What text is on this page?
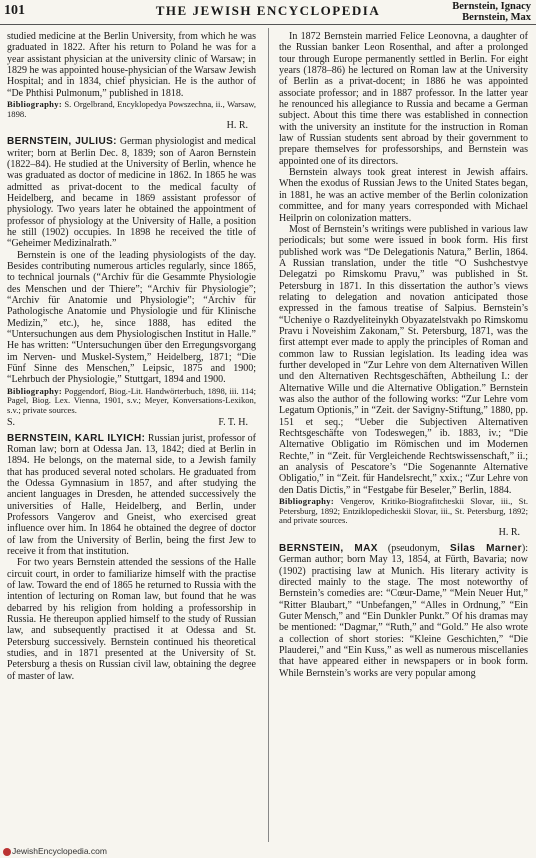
101	THE JEWISH ENCYCLOPEDIA	Bernstein, Ignacy
Bernstein, Max

studied medicine at the Berlin University, from which he was graduated in 1822. After his return to Poland he was for a year assistant physician at the university clinic of Warsaw; in 1829 he was appointed house-physician of the Warsaw Jewish Hospital; and in 1834, chief physician. He is the author of “De Phthisi Pulmonum,” published in 1818.

Bibliography: S. Orgelbrand, Encyklopedya Powszechna, ii., Warsaw, 1898.

H. R.

BERNSTEIN, JULIUS: German physiologist and medical writer; born at Berlin Dec. 8, 1839; son of Aaron Bernstein (1822–84). He studied at the University of Berlin, whence he was graduated as doctor of medicine in 1862. In 1865 he was admitted as privat-docent to the medical faculty of Heidelberg, and became in 1869 assistant professor of physiology. Two years later he obtained the appointment of professor of physiology at the University of Halle, a position he still (1902) occupies. In 1898 he received the title of “Geheimer Medizinalrath.”

Bernstein is one of the leading physiologists of the day. Besides contributing numerous articles regularly, since 1865, to technical journals (“Archiv für die Gesammte Physiologie des Menschen und der Thiere”; “Archiv für Physiologie”; “Archiv für Anatomie und Physiologie”; “Archiv für Pathologische Anatomie und Physiologie und für Klinische Medizin,” etc.), he, since 1888, has edited the “Untersuchungen aus dem Physiologischen Institut in Halle.” He has written: “Untersuchungen über den Erregungsvorgang im Nerven- und Muskel-System,” Heidelberg, 1871; “Die Fünf Sinne des Menschen,” Leipsic, 1875 and 1900; “Lehrbuch der Physiologie,” Stuttgart, 1894 and 1900.

Bibliography: Poggendorf, Biog.-Lit. Handwörterbuch, 1898, iii. 114; Pagel, Biog. Lex. Vienna, 1901, s.v.; Meyer, Konversations-Lexikon, s.v.; private sources.

S.	F. T. H.

BERNSTEIN, KARL ILYICH: Russian jurist, professor of Roman law; born at Odessa Jan. 13, 1842; died at Berlin in 1894. He belongs, on the maternal side, to a Jewish family that has produced several noted scholars. He graduated from the Odessa Gymnasium in 1857, and after studying the ancient languages in Dresden, he attended successively the universities of Halle, Heidelberg, and Berlin, under Professors Vangerov and Gneist, who exercised great influence over him. In 1864 he obtained the degree of doctor of law from the University of Berlin, being the first Jew to receive it from that institution.

For two years Bernstein attended the sessions of the Halle circuit court, in order to familiarize himself with the practise of law. Toward the end of 1865 he returned to Russia with the intention of lecturing on Roman law, but found that he was debarred by his religion from holding a professorship in Russia. He thereupon applied himself to the study of Russian law, and subsequently practised it at Odessa and St. Petersburg successively. Bernstein continued his theoretical studies, and in 1871 presented at the University of St. Petersburg a thesis on Russian civil law, obtaining the degree of master of law.

In 1872 Bernstein married Felice Leonovna, a daughter of the Russian banker Leon Rosenthal, and after a prolonged tour through Europe permanently settled in Berlin. For eight years (1878–86) he lectured on Roman law at the University of Berlin as a privat-docent; in 1886 he was appointed associate professor; and in 1887 professor. In the latter year he renounced his allegiance to Russia and became a German subject. About this time there was established in connection with the university an institute for the instruction in Roman law of Russian students sent abroad by their government to prepare themselves for professorships, and Bernstein was appointed one of its directors.

Bernstein always took great interest in Jewish affairs. When the exodus of Russian Jews to the United States began, in 1881, he was an active member of the Berlin colonization committee, and for many years corresponded with Michael Heilprin on colonization matters.

Most of Bernstein’s writings were published in various law periodicals; but some were issued in book form. His first published work was “De Delegationis Natura,” Berlin, 1864. A Russian translation, under the title “O Sushchestvye Delegatzi po Rimskomu Pravu,” was published in St. Petersburg in 1871. In this dissertation the author’s views relating to delegation and novation anticipated those expressed in the famous treatise of Salpius. Bernstein’s “Ucheniye o Razdyeliteinykh Obyazatelstvakh po Rimskomu Pravu i Noveishim Zakonam,” St. Petersburg, 1871, was the first attempt ever made to apply the principles of Roman and common law to Russian legislation. Its leading idea was further developed in “Zur Lehre von dem Alternativen Willen und den Alternativen Rechtsgeschäften, Abtheilung I.: der Alternative Wille und die Alternative Obligation.” Bernstein was also the author of the following works: “Zur Lehre vom Legatum Optionis,” in “Zeit. der Savigny-Stiftung,” 1880, pp. 151 et seq.; “Ueber die Subjectiven Alternativen Rechtsgeschäfte von Todeswegen,” ib. 1883, iv.; “Die Alternative Obligatio im Römischen und im Modernen Rechte,” in “Zeit. für Vergleichende Rechtswissenschaft,” ii.; an analysis of Pescatore’s “Die Sogenannte Alternative Obligatio,” in “Zeit. für Handelsrecht,” xxix.; “Zur Lehre von den Datis Dictis,” in “Festgabe für Beseler,” Berlin, 1884.

Bibliography: Vengerov, Kritiko-Biografitcheskii Slovar, iii., St. Petersburg, 1892; Entziklopedicheskii Slovar, iii., St. Petersburg, 1892; and private sources.

H. R.

BERNSTEIN, MAX (pseudonym, Silas Marner): German author; born May 13, 1854, at Fürth, Bavaria; now (1902) practising law at Munich. His literary activity is directed mainly to the stage. The most noteworthy of Bernstein’s comedies are: “Cœur-Dame,” “Mein Neuer Hut,” “Ritter Blaubart,” “Unbefangen,” “Alles in Ordnung,” “Ein Guter Mensch,” and “Ein Dunkler Punkt.” Of his dramas may be mentioned: “Dagmar,” “Ruth,” and “Gold.” He also wrote a collection of short stories: “Kleine Geschichten,” “Die Plauderei,” and “Ein Kuss,” as well as numerous miscellanies that have appeared either in newspapers or in book form. While Bernstein’s works are very popular among

JewishEncyclopedia.com
